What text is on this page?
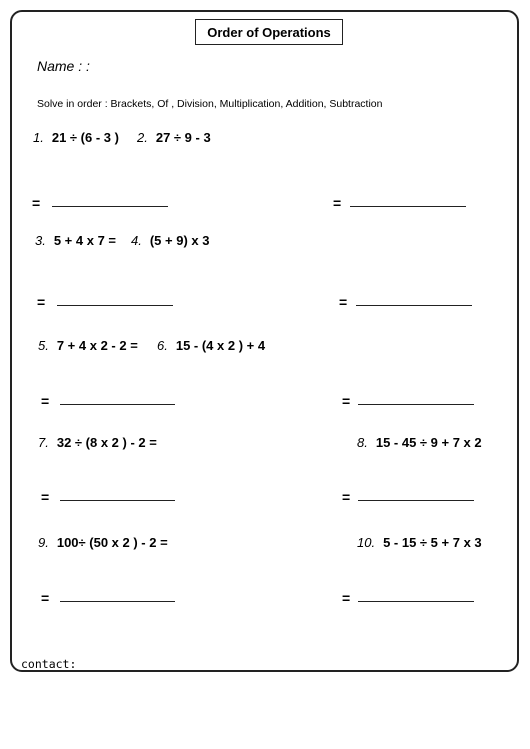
Order of Operations
Name : :
Solve in order : Brackets, Of , Division, Multiplication, Addition, Subtraction
1. 21 ÷ (6 - 3 ) 2. 27 ÷ 9 - 3
=	=
3. 5 + 4 x 7 = 4. (5 + 9) x 3
=	=
5. 7 + 4 x 2 - 2 = 6. 15 - (4 x 2 ) + 4
=	=
7. 32 ÷ (8 x 2 ) - 2 =	8. 15 - 45 ÷ 9 + 7 x 2
=	=
9. 100÷ (50 x 2 ) - 2 =	10. 5 - 15 ÷ 5 + 7 x 3
=	=
contact:
